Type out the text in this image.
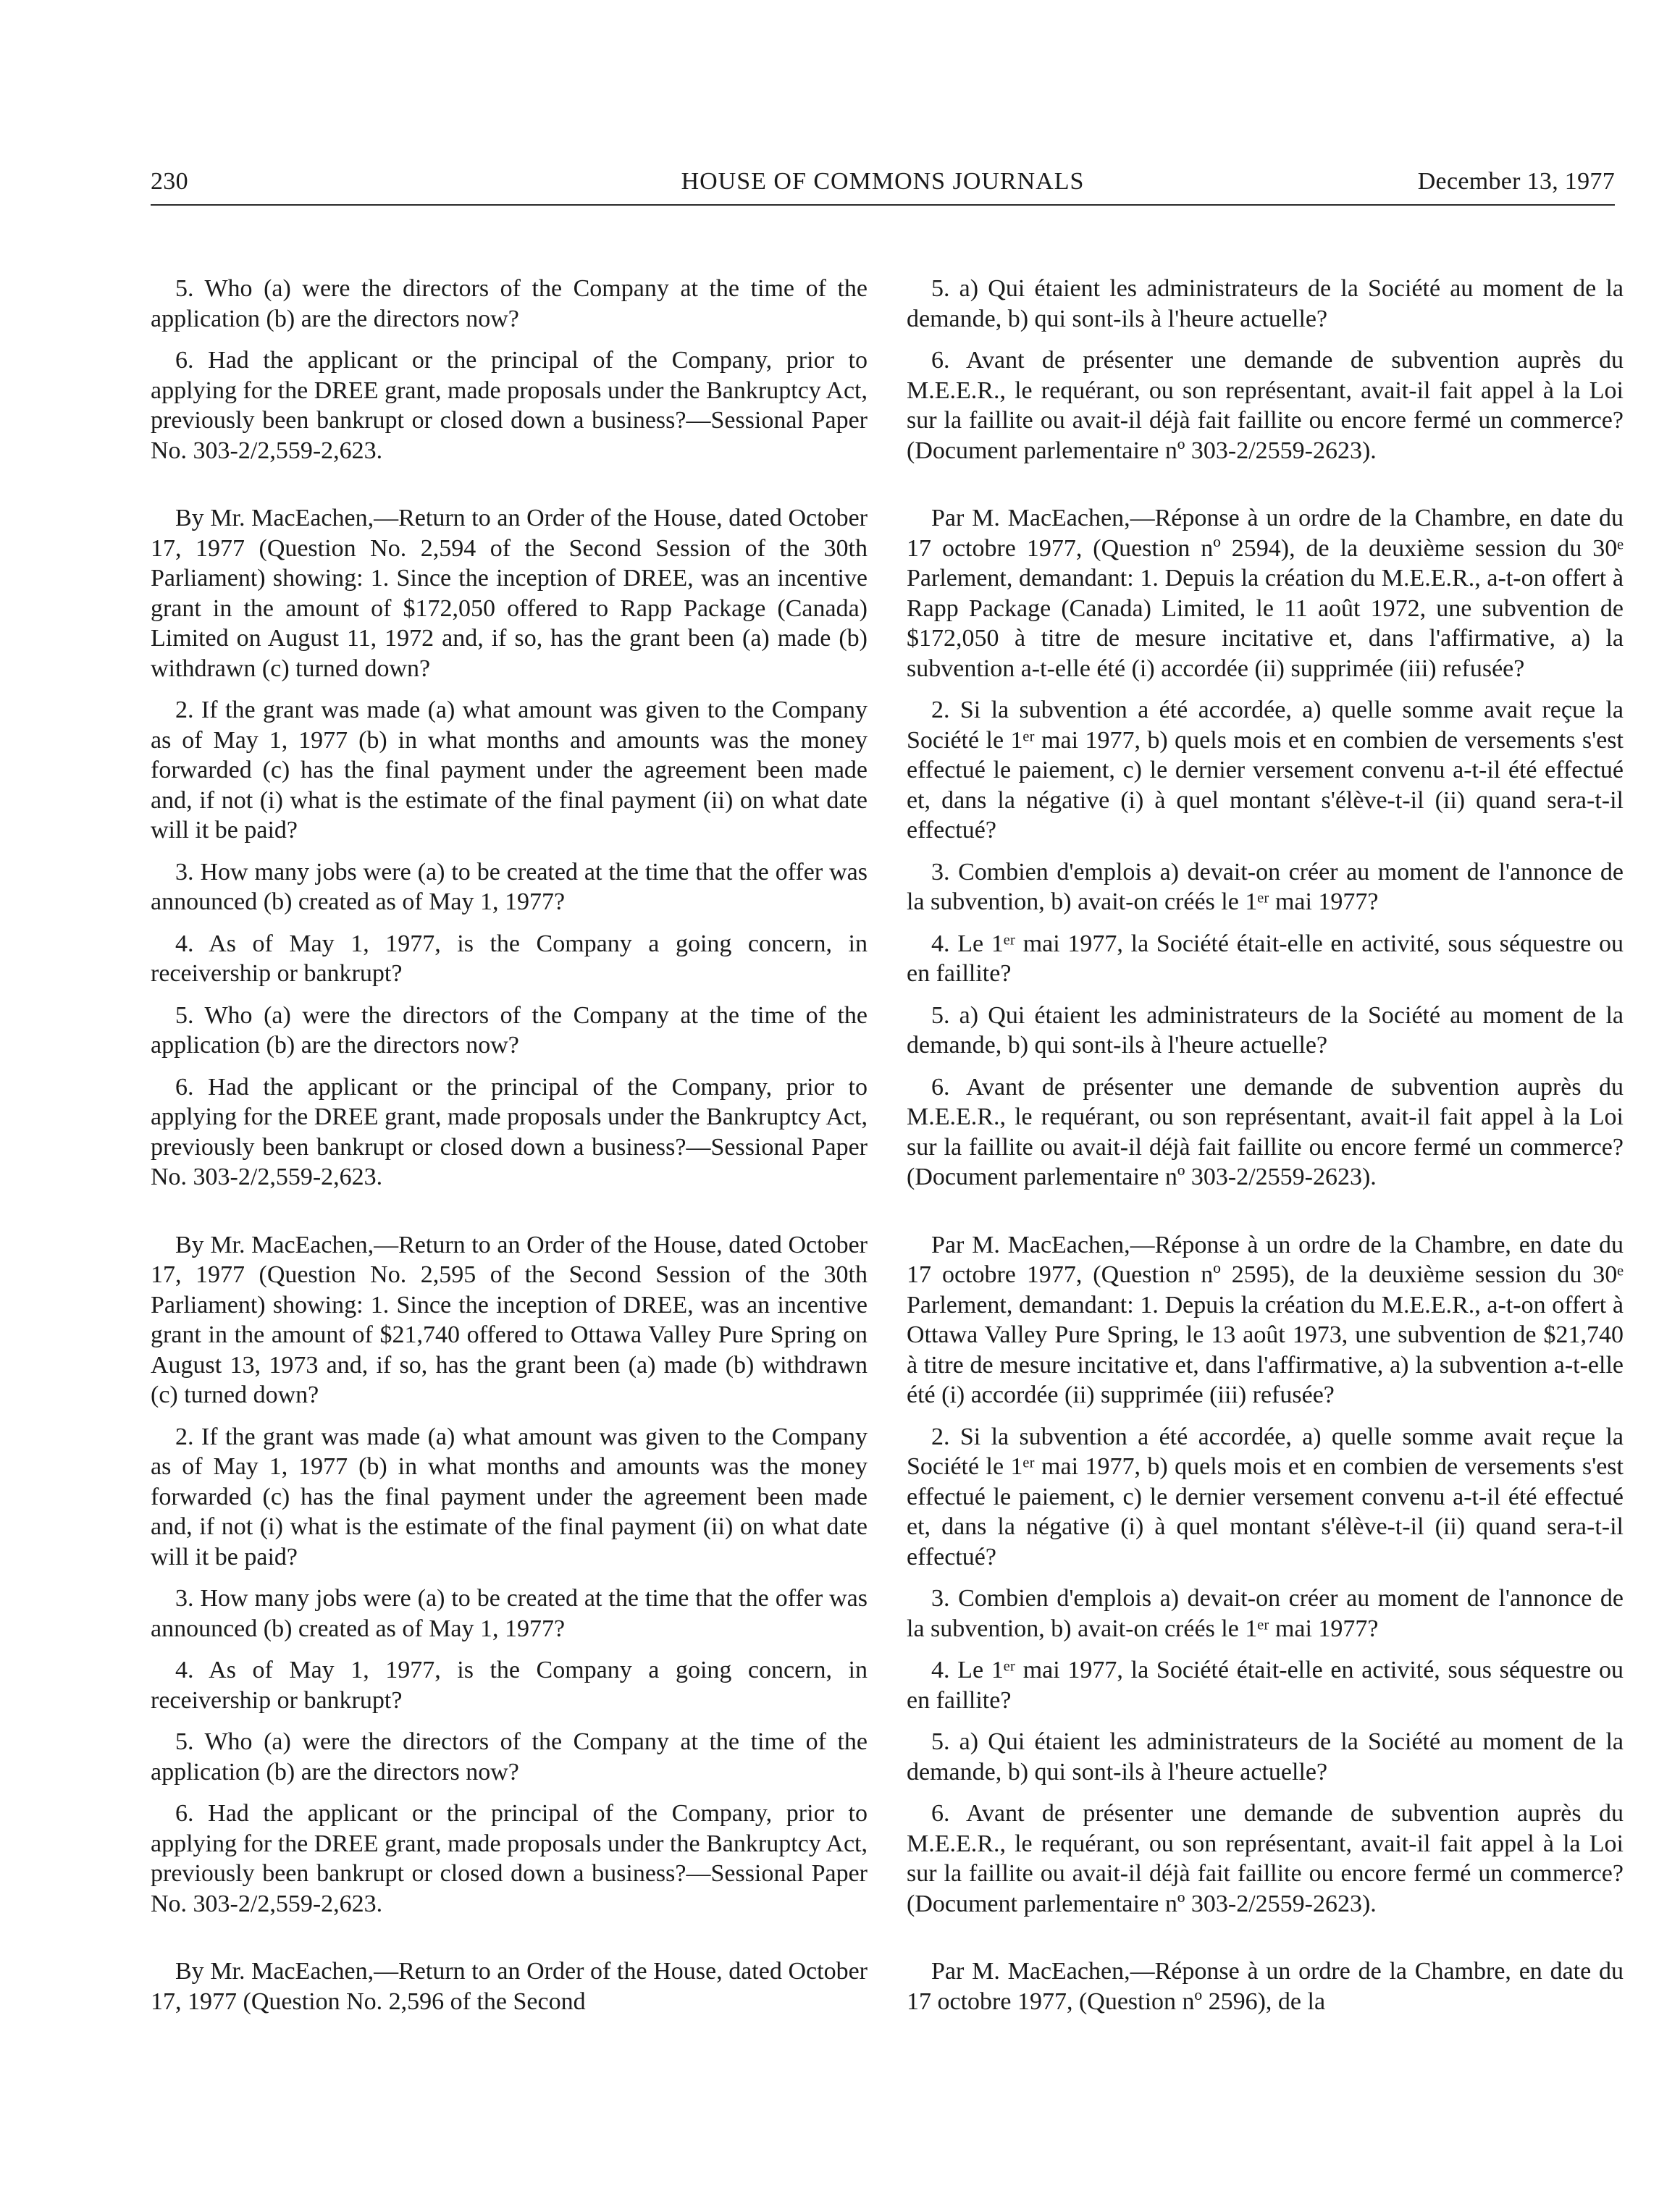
230	HOUSE OF COMMONS JOURNALS	December 13, 1977

5. Who (a) were the directors of the Company at the time of the application (b) are the directors now?

6. Had the applicant or the principal of the Company, prior to applying for the DREE grant, made proposals under the Bankruptcy Act, previously been bankrupt or closed down a business?—Sessional Paper No. 303-2/2,559-2,623.

By Mr. MacEachen,—Return to an Order of the House, dated October 17, 1977 (Question No. 2,594 of the Second Session of the 30th Parliament) showing: 1. Since the inception of DREE, was an incentive grant in the amount of $172,050 offered to Rapp Package (Canada) Limited on August 11, 1972 and, if so, has the grant been (a) made (b) withdrawn (c) turned down?

2. If the grant was made (a) what amount was given to the Company as of May 1, 1977 (b) in what months and amounts was the money forwarded (c) has the final payment under the agreement been made and, if not (i) what is the estimate of the final payment (ii) on what date will it be paid?

3. How many jobs were (a) to be created at the time that the offer was announced (b) created as of May 1, 1977?

4. As of May 1, 1977, is the Company a going concern, in receivership or bankrupt?

5. Who (a) were the directors of the Company at the time of the application (b) are the directors now?

6. Had the applicant or the principal of the Company, prior to applying for the DREE grant, made proposals under the Bankruptcy Act, previously been bankrupt or closed down a business?—Sessional Paper No. 303-2/2,559-2,623.

By Mr. MacEachen,—Return to an Order of the House, dated October 17, 1977 (Question No. 2,595 of the Second Session of the 30th Parliament) showing: 1. Since the inception of DREE, was an incentive grant in the amount of $21,740 offered to Ottawa Valley Pure Spring on August 13, 1973 and, if so, has the grant been (a) made (b) withdrawn (c) turned down?

2. If the grant was made (a) what amount was given to the Company as of May 1, 1977 (b) in what months and amounts was the money forwarded (c) has the final payment under the agreement been made and, if not (i) what is the estimate of the final payment (ii) on what date will it be paid?

3. How many jobs were (a) to be created at the time that the offer was announced (b) created as of May 1, 1977?

4. As of May 1, 1977, is the Company a going concern, in receivership or bankrupt?

5. Who (a) were the directors of the Company at the time of the application (b) are the directors now?

6. Had the applicant or the principal of the Company, prior to applying for the DREE grant, made proposals under the Bankruptcy Act, previously been bankrupt or closed down a business?—Sessional Paper No. 303-2/2,559-2,623.

By Mr. MacEachen,—Return to an Order of the House, dated October 17, 1977 (Question No. 2,596 of the Second

5. a) Qui étaient les administrateurs de la Société au moment de la demande, b) qui sont-ils à l'heure actuelle?

6. Avant de présenter une demande de subvention auprès du M.E.E.R., le requérant, ou son représentant, avait-il fait appel à la Loi sur la faillite ou avait-il déjà fait faillite ou encore fermé un commerce? (Document parlementaire nº 303-2/2559-2623).

Par M. MacEachen,—Réponse à un ordre de la Chambre, en date du 17 octobre 1977, (Question nº 2594), de la deuxième session du 30ᵉ Parlement, demandant: 1. Depuis la création du M.E.E.R., a-t-on offert à Rapp Package (Canada) Limited, le 11 août 1972, une subvention de $172,050 à titre de mesure incitative et, dans l'affirmative, a) la subvention a-t-elle été (i) accordée (ii) supprimée (iii) refusée?

2. Si la subvention a été accordée, a) quelle somme avait reçue la Société le 1ᵉʳ mai 1977, b) quels mois et en combien de versements s'est effectué le paiement, c) le dernier versement convenu a-t-il été effectué et, dans la négative (i) à quel montant s'élève-t-il (ii) quand sera-t-il effectué?

3. Combien d'emplois a) devait-on créer au moment de l'annonce de la subvention, b) avait-on créés le 1ᵉʳ mai 1977?

4. Le 1ᵉʳ mai 1977, la Société était-elle en activité, sous séquestre ou en faillite?

5. a) Qui étaient les administrateurs de la Société au moment de la demande, b) qui sont-ils à l'heure actuelle?

6. Avant de présenter une demande de subvention auprès du M.E.E.R., le requérant, ou son représentant, avait-il fait appel à la Loi sur la faillite ou avait-il déjà fait faillite ou encore fermé un commerce? (Document parlementaire nº 303-2/2559-2623).

Par M. MacEachen,—Réponse à un ordre de la Chambre, en date du 17 octobre 1977, (Question nº 2595), de la deuxième session du 30ᵉ Parlement, demandant: 1. Depuis la création du M.E.E.R., a-t-on offert à Ottawa Valley Pure Spring, le 13 août 1973, une subvention de $21,740 à titre de mesure incitative et, dans l'affirmative, a) la subvention a-t-elle été (i) accordée (ii) supprimée (iii) refusée?

2. Si la subvention a été accordée, a) quelle somme avait reçue la Société le 1ᵉʳ mai 1977, b) quels mois et en combien de versements s'est effectué le paiement, c) le dernier versement convenu a-t-il été effectué et, dans la négative (i) à quel montant s'élève-t-il (ii) quand sera-t-il effectué?

3. Combien d'emplois a) devait-on créer au moment de l'annonce de la subvention, b) avait-on créés le 1ᵉʳ mai 1977?

4. Le 1ᵉʳ mai 1977, la Société était-elle en activité, sous séquestre ou en faillite?

5. a) Qui étaient les administrateurs de la Société au moment de la demande, b) qui sont-ils à l'heure actuelle?

6. Avant de présenter une demande de subvention auprès du M.E.E.R., le requérant, ou son représentant, avait-il fait appel à la Loi sur la faillite ou avait-il déjà fait faillite ou encore fermé un commerce? (Document parlementaire nº 303-2/2559-2623).

Par M. MacEachen,—Réponse à un ordre de la Chambre, en date du 17 octobre 1977, (Question nº 2596), de la
